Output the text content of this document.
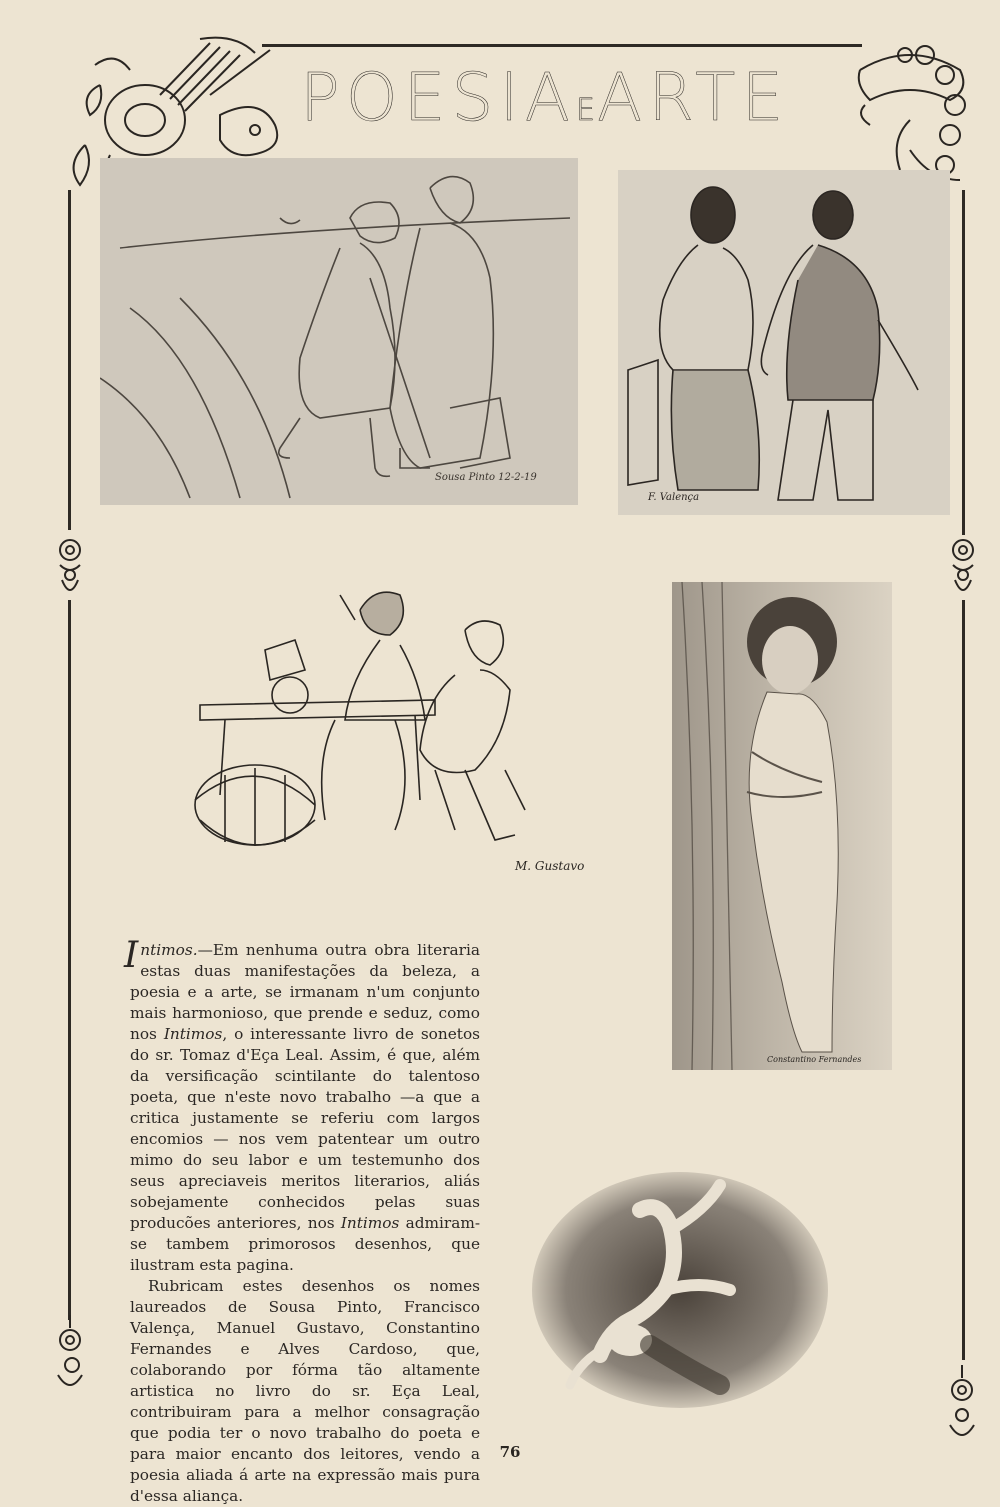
POESIAEARTE
Sousa Pinto 12-2-19
F. Valença
M. Gustavo
Constantino Fernandes

Intimos.—Em nenhuma outra obra literaria estas duas manifestações da beleza, a poesia e a arte, se irmanam n'um conjunto mais harmonioso, que prende e seduz, como nos Intimos, o interessante livro de sonetos do sr. Tomaz d'Eça Leal. Assim, é que, além da versificação scintilante do talentoso poeta, que n'este novo trabalho —a que a critica justamente se referiu com largos encomios — nos vem patentear um outro mimo do seu labor e um testemunho dos seus apreciaveis meritos literarios, aliás sobejamente conhecidos pelas suas producões anteriores, nos Intimos admiram-se tambem primorosos desenhos, que ilustram esta pagina.

Rubricam estes desenhos os nomes laureados de Sousa Pinto, Francisco Valença, Manuel Gustavo, Constantino Fernandes e Alves Cardoso, que, colaborando por fórma tão altamente artistica no livro do sr. Eça Leal, contribuiram para a melhor consagração que podia ter o novo trabalho do poeta e para maior encanto dos leitores, vendo a poesia aliada á arte na expressão mais pura d'essa aliança.

76
